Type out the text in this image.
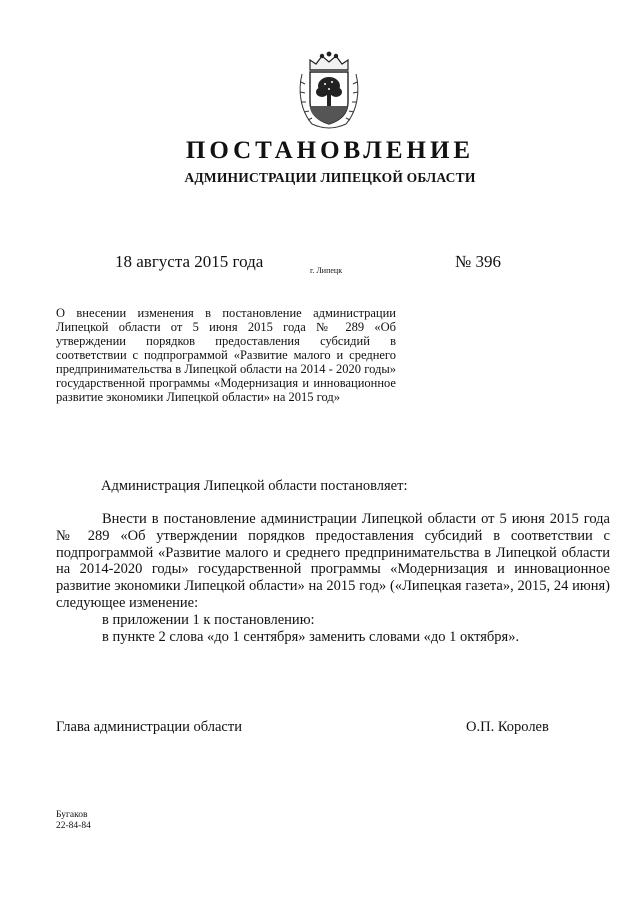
ПОСТАНОВЛЕНИЕ
АДМИНИСТРАЦИИ ЛИПЕЦКОЙ ОБЛАСТИ
18 августа 2015 года	г. Липецк	№ 396

О внесении изменения в постановление администрации Липецкой области от 5 июня 2015 года № 289 «Об утверждении порядков предоставления субсидий в соответствии с подпрограммой «Развитие малого и среднего предпринимательства в Липецкой области на 2014 - 2020 годы» государственной программы «Модернизация и инновационное развитие экономики Липецкой области» на 2015 год»

Администрация Липецкой области постановляет:

Внести в постановление администрации Липецкой области от 5 июня 2015 года № 289 «Об утверждении порядков предоставления субсидий в соответствии с подпрограммой «Развитие малого и среднего предпринимательства в Липецкой области на 2014-2020 годы» государственной программы «Модернизация и инновационное развитие экономики Липецкой области» на 2015 год» («Липецкая газета», 2015, 24 июня) следующее изменение:

в приложении 1 к постановлению:

в пункте 2 слова «до 1 сентября» заменить словами «до 1 октября».

Глава администрации области	О.П. Королев
Бугаков
22-84-84
